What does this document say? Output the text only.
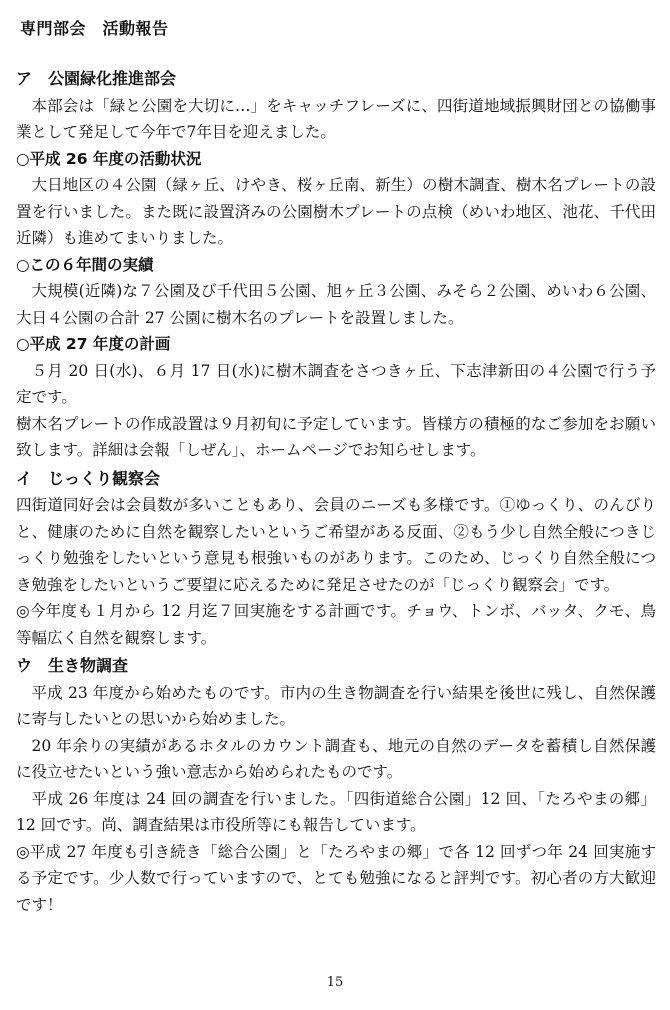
専門部会　活動報告

ア　公園緑化推進部会

本部会は「緑と公園を大切に…」をキャッチフレーズに、四街道地域振興財団との協働事業として発足して今年で7年目を迎えました。

○平成 26 年度の活動状況

大日地区の４公園（緑ヶ丘、けやき、桜ヶ丘南、新生）の樹木調査、樹木名プレートの設置を行いました。また既に設置済みの公園樹木プレートの点検（めいわ地区、池花、千代田近隣）も進めてまいりました。

○この６年間の実績

大規模(近隣)な７公園及び千代田５公園、旭ヶ丘３公園、みそら２公園、めいわ６公園、大日４公園の合計 27 公園に樹木名のプレートを設置しました。

○平成 27 年度の計画

５月 20 日(水)、６月 17 日(水)に樹木調査をさつきヶ丘、下志津新田の４公園で行う予定です。

樹木名プレートの作成設置は９月初旬に予定しています。皆様方の積極的なご参加をお願い致します。詳細は会報「しぜん」、ホームページでお知らせします。

イ　じっくり観察会

四街道同好会は会員数が多いこともあり、会員のニーズも多様です。①ゆっくり、のんびりと、健康のために自然を観察したいというご希望がある反面、②もう少し自然全般につきじっくり勉強をしたいという意見も根強いものがあります。このため、じっくり自然全般につき勉強をしたいというご要望に応えるために発足させたのが「じっくり観察会」です。

◎今年度も１月から 12 月迄７回実施をする計画です。チョウ、トンボ、バッタ、クモ、鳥等幅広く自然を観察します。

ウ　生き物調査

平成 23 年度から始めたものです。市内の生き物調査を行い結果を後世に残し、自然保護に寄与したいとの思いから始めました。

20 年余りの実績があるホタルのカウント調査も、地元の自然のデータを蓄積し自然保護に役立せたいという強い意志から始められたものです。

平成 26 年度は 24 回の調査を行いました。「四街道総合公園」12 回、「たろやまの郷」12 回です。尚、調査結果は市役所等にも報告しています。

◎平成 27 年度も引き続き「総合公園」と「たろやまの郷」で各 12 回ずつ年 24 回実施する予定です。少人数で行っていますので、とても勉強になると評判です。初心者の方大歓迎です！

15
